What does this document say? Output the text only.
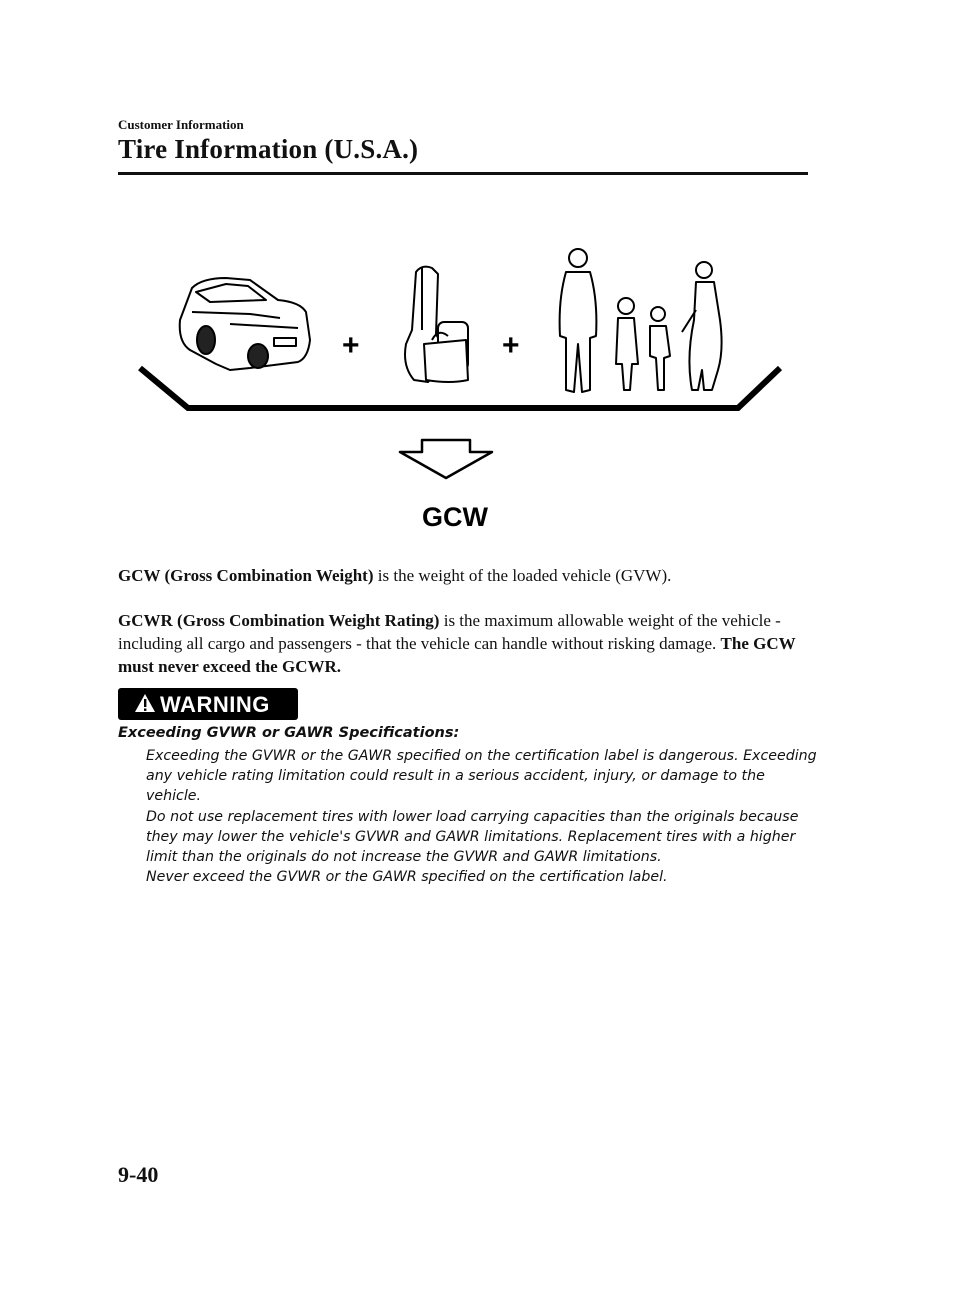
Customer Information
Tire Information (U.S.A.)
+	+
GCW
GCW (Gross Combination Weight) is the weight of the loaded vehicle (GVW).
GCWR (Gross Combination Weight Rating) is the maximum allowable weight of the vehicle - including all cargo and passengers - that the vehicle can handle without risking damage. The GCW must never exceed the GCWR.
WARNING
Exceeding GVWR or GAWR Specifications:

Exceeding the GVWR or the GAWR specified on the certification label is dangerous. Exceeding any vehicle rating limitation could result in a serious accident, injury, or damage to the vehicle.

Do not use replacement tires with lower load carrying capacities than the originals because they may lower the vehicle's GVWR and GAWR limitations. Replacement tires with a higher limit than the originals do not increase the GVWR and GAWR limitations.

Never exceed the GVWR or the GAWR specified on the certification label.

9-40
